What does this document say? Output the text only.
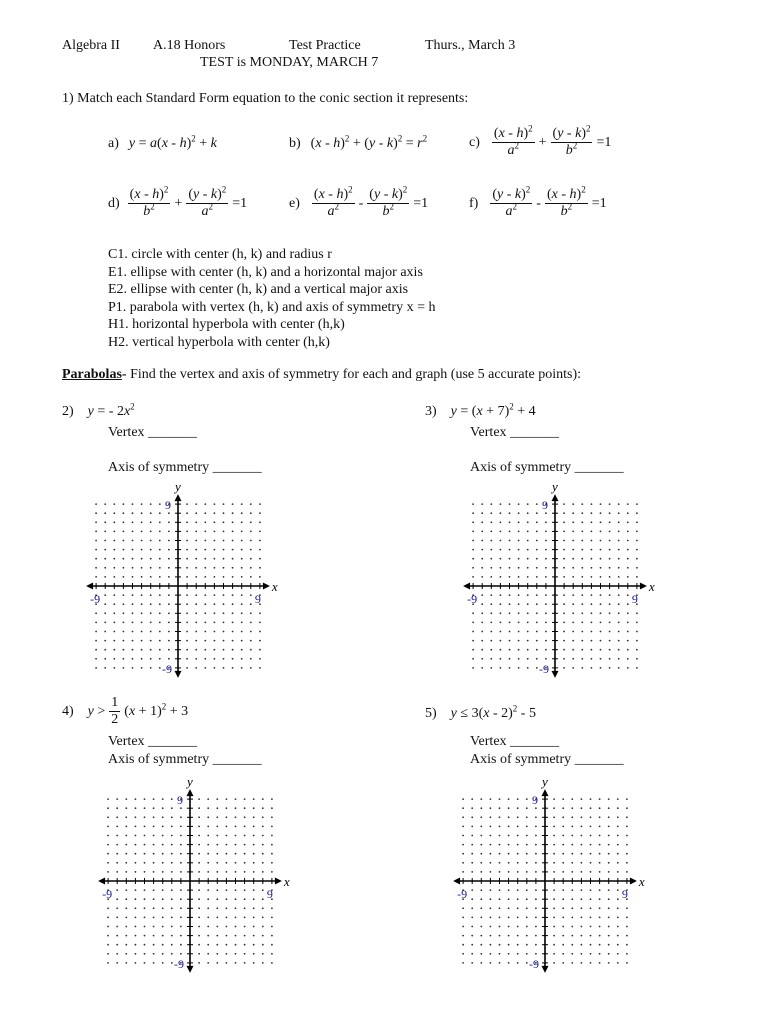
Algebra II A.18 Honors	Test Practice	Thurs., March 3
TEST is MONDAY, MARCH 7
1) Match each Standard Form equation to the conic section it represents:
a) y = a(x - h)$^2$ + k	b) $(x - h)^2 + (y - k)^2 = r^2$	$c) \frac{(x - h)^2}{a^2} + \frac{(y - k)^2}{b^2} =1$
$d) \frac{(x - h)^2}{b^2} + \frac{(y - k)^2}{a^2} =1$	$e) \frac{(x - h)^2}{a^2} - \frac{(y - k)^2}{b^2} =1$	$f) \frac{(y - k)^2}{a^2} - \frac{(x - h)^2}{b^2} =1$
C1. circle with center (h, k) and radius r
E1. ellipse with center (h, k) and a horizontal major axis
E2. ellipse with center (h, k) and a vertical major axis
P1. parabola with vertex (h, k) and axis of symmetry x = h
H1. horizontal hyperbola with center (h,k)
H2. vertical hyperbola with center (h,k)
Parabolas- Find the vertex and axis of symmetry for each and graph (use 5 accurate points):
2) y = - $2x^2$
Vertex _______
Axis of symmetry _______
3) $y = (x + 7)^2 + 4$
Vertex _______
Axis of symmetry _______
4) $y > \frac{1}{2} (x + 1)^2 + 3$
Vertex _______
Axis of symmetry _______
5) y ≤ 3(x - 2)$^2$ - 5
Vertex _______
Axis of symmetry _______
x
y
-9	9
9
-9
x
y
-9	9
9
-9
x
y
-9	9
9
-9
x
y
-9	9
9
-9
